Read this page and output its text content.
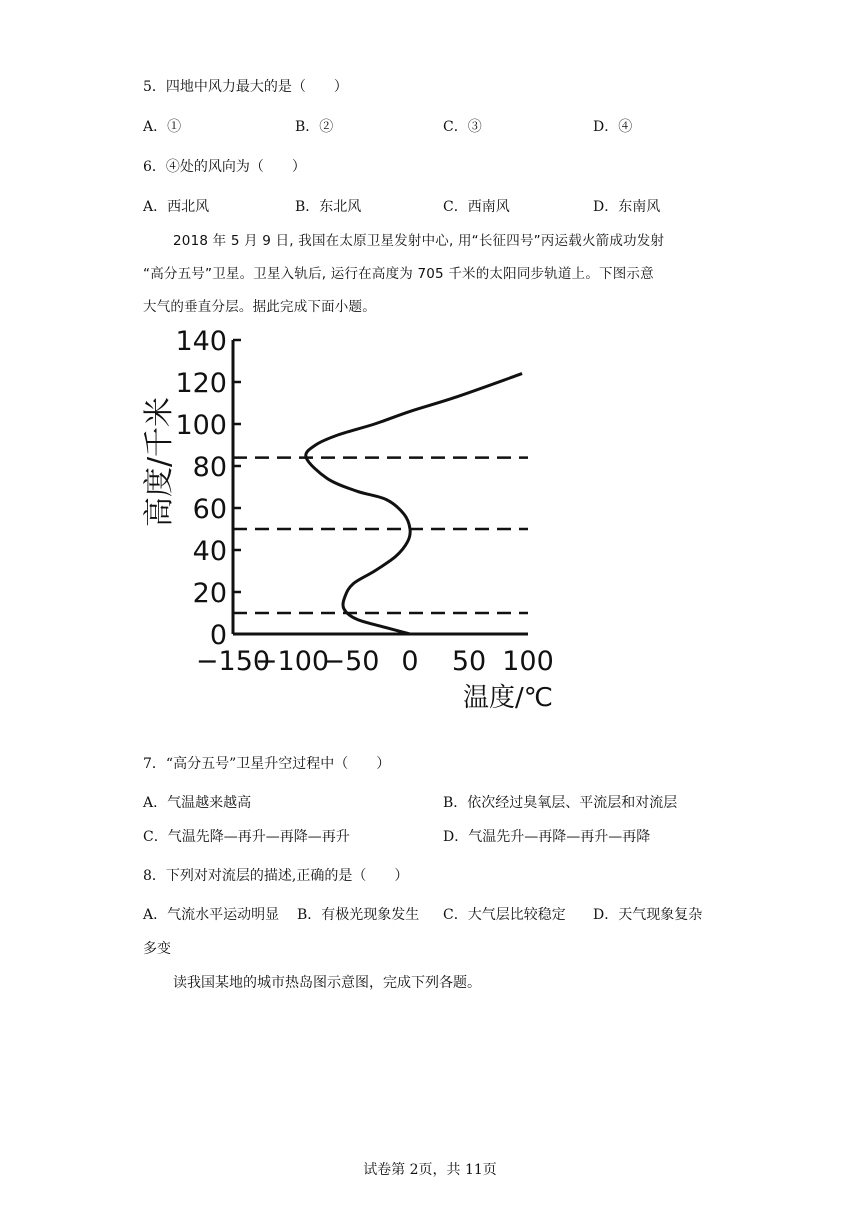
5．四地中风力最大的是（　　）
A．①	B．②	C．③	D．④
6．④处的风向为（　　）
A．西北风	B．东北风	C．西南风	D．东南风
2018 年 5 月 9 日, 我国在太原卫星发射中心, 用“长征四号”丙运载火箭成功发射
“高分五号”卫星。卫星入轨后, 运行在高度为 705 千米的太阳同步轨道上。下图示意
大气的垂直分层。据此完成下面小题。
0
20
40
60
80
100
120
140
−150
−100
−50 0 50 100
高度/千米
温度/℃
7．“高分五号”卫星升空过程中（　　）
A．气温越来越高	B．依次经过臭氧层、平流层和对流层
C．气温先降—再升—再降—再升	D．气温先升—再降—再升—再降
8．下列对对流层的描述,正确的是（　　）
A．气流水平运动明显 B．有极光现象发生 C．大气层比较稳定 D．天气现象复杂
多变
读我国某地的城市热岛图示意图，完成下列各题。
试卷第 2页，共 11页
